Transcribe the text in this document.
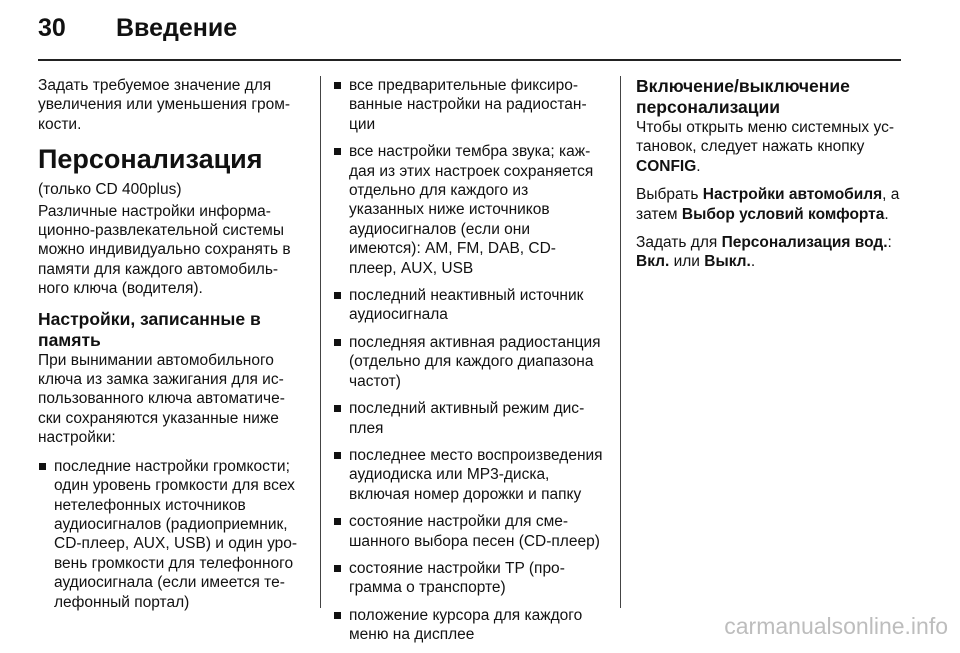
30 Введение

Задать требуемое значение для увеличения или уменьшения громкости.

Персонализация

(только CD 400plus)

Различные настройки информационно-развлекательной системы можно индивидуально сохранять в памяти для каждого автомобильного ключа (водителя).

Настройки, записанные в память

При вынимании автомобильного ключа из замка зажигания для использованного ключа автоматически сохраняются указанные ниже настройки:

последние настройки громкости; один уровень громкости для всех нетелефонных источников аудиосигналов (радиоприемник, CD-плеер, AUX, USB) и один уровень громкости для телефонного аудиосигнала (если имеется телефонный портал)
все предварительные фиксированные настройки на радиостанции
все настройки тембра звука; каждая из этих настроек сохраняется отдельно для каждого из указанных ниже источников аудиосигналов (если они имеются): AM, FM, DAB, CD-плеер, AUX, USB
последний неактивный источник аудиосигнала
последняя активная радиостанция (отдельно для каждого диапазона частот)
последний активный режим дисплея
последнее место воспроизведения аудиодиска или MP3-диска, включая номер дорожки и папку
состояние настройки для смешанного выбора песен (CD-плеер)
состояние настройки TP (программа о транспорте)
положение курсора для каждого меню на дисплее
Включение/выключение персонализации

Чтобы открыть меню системных установок, следует нажать кнопку CONFIG.

Выбрать Настройки автомобиля, а затем Выбор условий комфорта.

Задать для Персонализация вод.: Вкл. или Выкл..

carmanualsonline.info
